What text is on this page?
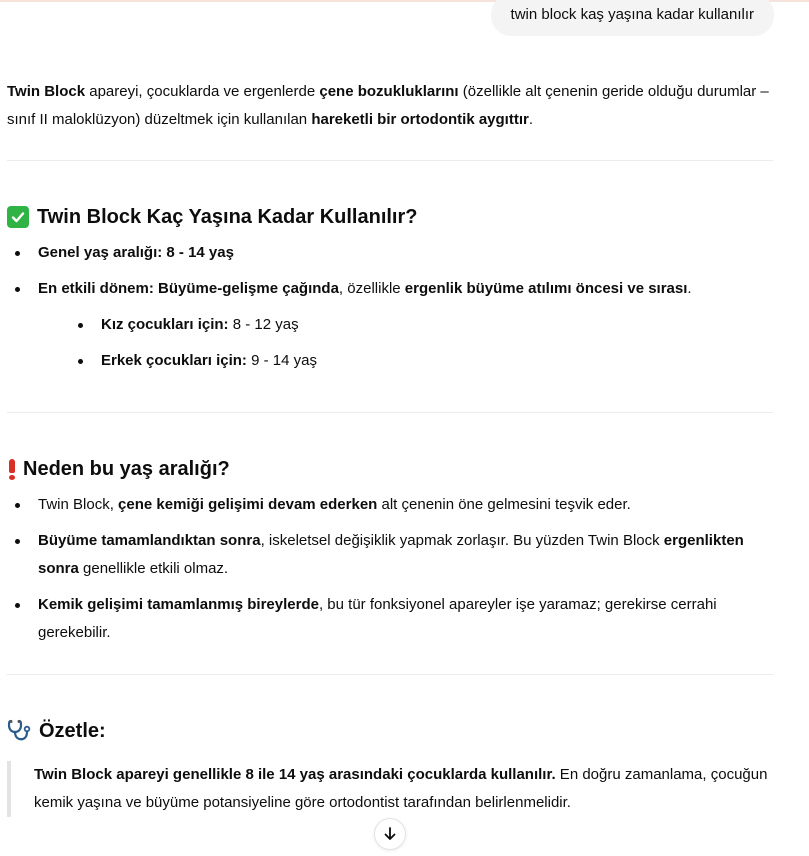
twin block kaş yaşına kadar kullanılır

Twin Block apareyi, çocuklarda ve ergenlerde çene bozukluklarını (özellikle alt çenenin geride olduğu durumlar – sınıf II maloklüzyon) düzeltmek için kullanılan hareketli bir ortodontik aygıttır.

Twin Block Kaç Yaşına Kadar Kullanılır?
Genel yaş aralığı: 8 - 14 yaş
En etkili dönem: Büyüme-gelişme çağında, özellikle ergenlik büyüme atılımı öncesi ve sırası.
Kız çocukları için: 8 - 12 yaş
Erkek çocukları için: 9 - 14 yaş
Neden bu yaş aralığı?
Twin Block, çene kemiği gelişimi devam ederken alt çenenin öne gelmesini teşvik eder.
Büyüme tamamlandıktan sonra, iskeletsel değişiklik yapmak zorlaşır. Bu yüzden Twin Block ergenlikten sonra genellikle etkili olmaz.
Kemik gelişimi tamamlanmış bireylerde, bu tür fonksiyonel apareyler işe yaramaz; gerekirse cerrahi gerekebilir.
Özetle:
Twin Block apareyi genellikle 8 ile 14 yaş arasındaki çocuklarda kullanılır. En doğru zamanlama, çocuğun kemik yaşına ve büyüme potansiyeline göre ortodontist tarafından belirlenmelidir.
